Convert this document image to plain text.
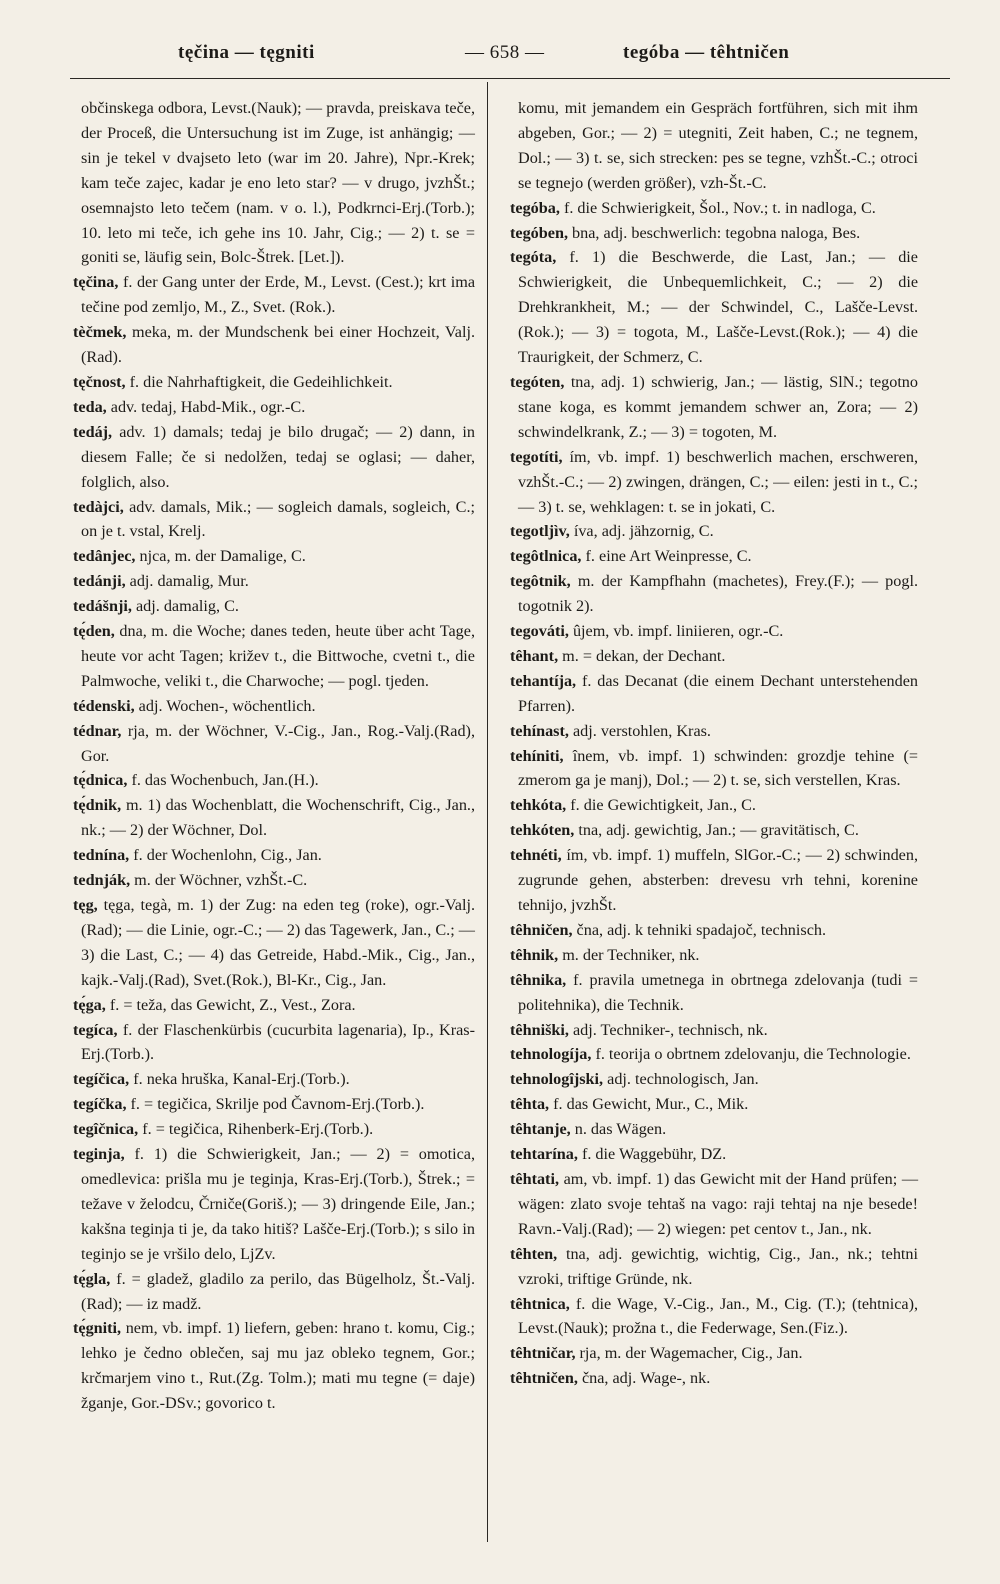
tęčina — tęgniti	— 658 —	tegóba — têhtničen

občinskega odbora, Levst.(Nauk); — pravda, preiskava teče, der Proceß, die Untersuchung ist im Zuge, ist anhängig; — sin je tekel v dvajseto leto (war im 20. Jahre), Npr.-Krek; kam teče zajec, kadar je eno leto star? — v drugo, jvzhŠt.; osemnajsto leto tečem (nam. v o. l.), Podkrnci-Erj.(Torb.); 10. leto mi teče, ich gehe ins 10. Jahr, Cig.; — 2) t. se = goniti se, läufig sein, Bolc-Štrek. [Let.]).

tęčina, f. der Gang unter der Erde, M., Levst. (Cest.); krt ima tečine pod zemljo, M., Z., Svet. (Rok.).

tèčmek, meka, m. der Mundschenk bei einer Hochzeit, Valj.(Rad).

tęčnost, f. die Nahrhaftigkeit, die Gedeihlichkeit.

teda, adv. tedaj, Habd-Mik., ogr.-C.

tedáj, adv. 1) damals; tedaj je bilo drugač; — 2) dann, in diesem Falle; če si nedolžen, tedaj se oglasi; — daher, folglich, also.

tedàjci, adv. damals, Mik.; — sogleich damals, sogleich, C.; on je t. vstal, Krelj.

tedânjec, njca, m. der Damalige, C.

tedánji, adj. damalig, Mur.

tedášnji, adj. damalig, C.

tę́den, dna, m. die Woche; danes teden, heute über acht Tage, heute vor acht Tagen; križev t., die Bittwoche, cvetni t., die Palmwoche, veliki t., die Charwoche; — pogl. tjeden.

tédenski, adj. Wochen-, wöchentlich.

tédnar, rja, m. der Wöchner, V.-Cig., Jan., Rog.-Valj.(Rad), Gor.

tę́dnica, f. das Wochenbuch, Jan.(H.).

tę́dnik, m. 1) das Wochenblatt, die Wochenschrift, Cig., Jan., nk.; — 2) der Wöchner, Dol.

tednína, f. der Wochenlohn, Cig., Jan.

tednják, m. der Wöchner, vzhŠt.-C.

tęg, tęga, tegà, m. 1) der Zug: na eden teg (roke), ogr.-Valj.(Rad); — die Linie, ogr.-C.; — 2) das Tagewerk, Jan., C.; — 3) die Last, C.; — 4) das Getreide, Habd.-Mik., Cig., Jan., kajk.-Valj.(Rad), Svet.(Rok.), Bl-Kr., Cig., Jan.

tę́ga, f. = teža, das Gewicht, Z., Vest., Zora.

tegíca, f. der Flaschenkürbis (cucurbita lagenaria), Ip., Kras-Erj.(Torb.).

tegíčica, f. neka hruška, Kanal-Erj.(Torb.).

tegíčka, f. = tegičica, Skrilje pod Čavnom-Erj.(Torb.).

tegîčnica, f. = tegičica, Rihenberk-Erj.(Torb.).

teginja, f. 1) die Schwierigkeit, Jan.; — 2) = omotica, omedlevica: prišla mu je teginja, Kras-Erj.(Torb.), Štrek.; = težave v želodcu, Črniče(Goriš.); — 3) dringende Eile, Jan.; kakšna teginja ti je, da tako hitiš? Lašče-Erj.(Torb.); s silo in teginjo se je vršilo delo, LjZv.

tę́gla, f. = gladež, gladilo za perilo, das Bügelholz, Št.-Valj.(Rad); — iz madž.

tę́gniti, nem, vb. impf. 1) liefern, geben: hrano t. komu, Cig.; lehko je čedno oblečen, saj mu jaz obleko tegnem, Gor.; krčmarjem vino t., Rut.(Zg. Tolm.); mati mu tegne (= daje) žganje, Gor.-DSv.; govorico t.

komu, mit jemandem ein Gespräch fortführen, sich mit ihm abgeben, Gor.; — 2) = utegniti, Zeit haben, C.; ne tegnem, Dol.; — 3) t. se, sich strecken: pes se tegne, vzhŠt.-C.; otroci se tegnejo (werden größer), vzh-Št.-C.

tegóba, f. die Schwierigkeit, Šol., Nov.; t. in nadloga, C.

tegóben, bna, adj. beschwerlich: tegobna naloga, Bes.

tegóta, f. 1) die Beschwerde, die Last, Jan.; — die Schwierigkeit, die Unbequemlichkeit, C.; — 2) die Drehkrankheit, M.; — der Schwindel, C., Lašče-Levst.(Rok.); — 3) = togota, M., Lašče-Levst.(Rok.); — 4) die Traurigkeit, der Schmerz, C.

tegóten, tna, adj. 1) schwierig, Jan.; — lästig, SlN.; tegotno stane koga, es kommt jemandem schwer an, Zora; — 2) schwindelkrank, Z.; — 3) = togoten, M.

tegotíti, ím, vb. impf. 1) beschwerlich machen, erschweren, vzhŠt.-C.; — 2) zwingen, drängen, C.; — eilen: jesti in t., C.; — 3) t. se, wehklagen: t. se in jokati, C.

tegotljìv, íva, adj. jähzornig, C.

tegôtlnica, f. eine Art Weinpresse, C.

tegôtnik, m. der Kampfhahn (machetes), Frey.(F.); — pogl. togotnik 2).

tegováti, ûjem, vb. impf. liniieren, ogr.-C.

têhant, m. = dekan, der Dechant.

tehantíja, f. das Decanat (die einem Dechant unterstehenden Pfarren).

tehínast, adj. verstohlen, Kras.

tehíniti, înem, vb. impf. 1) schwinden: grozdje tehine (= zmerom ga je manj), Dol.; — 2) t. se, sich verstellen, Kras.

tehkóta, f. die Gewichtigkeit, Jan., C.

tehkóten, tna, adj. gewichtig, Jan.; — gravitätisch, C.

tehnéti, ím, vb. impf. 1) muffeln, SlGor.-C.; — 2) schwinden, zugrunde gehen, absterben: drevesu vrh tehni, korenine tehnijo, jvzhŠt.

têhničen, čna, adj. k tehniki spadajoč, technisch.

têhnik, m. der Techniker, nk.

têhnika, f. pravila umetnega in obrtnega zdelovanja (tudi = politehnika), die Technik.

têhniški, adj. Techniker-, technisch, nk.

tehnologíja, f. teorija o obrtnem zdelovanju, die Technologie.

tehnologîjski, adj. technologisch, Jan.

têhta, f. das Gewicht, Mur., C., Mik.

têhtanje, n. das Wägen.

tehtarína, f. die Waggebühr, DZ.

têhtati, am, vb. impf. 1) das Gewicht mit der Hand prüfen; — wägen: zlato svoje tehtaš na vago: raji tehtaj na nje besede! Ravn.-Valj.(Rad); — 2) wiegen: pet centov t., Jan., nk.

têhten, tna, adj. gewichtig, wichtig, Cig., Jan., nk.; tehtni vzroki, triftige Gründe, nk.

têhtnica, f. die Wage, V.-Cig., Jan., M., Cig. (T.); (tehtnica), Levst.(Nauk); prožna t., die Federwage, Sen.(Fiz.).

têhtničar, rja, m. der Wagemacher, Cig., Jan.

têhtničen, čna, adj. Wage-, nk.
